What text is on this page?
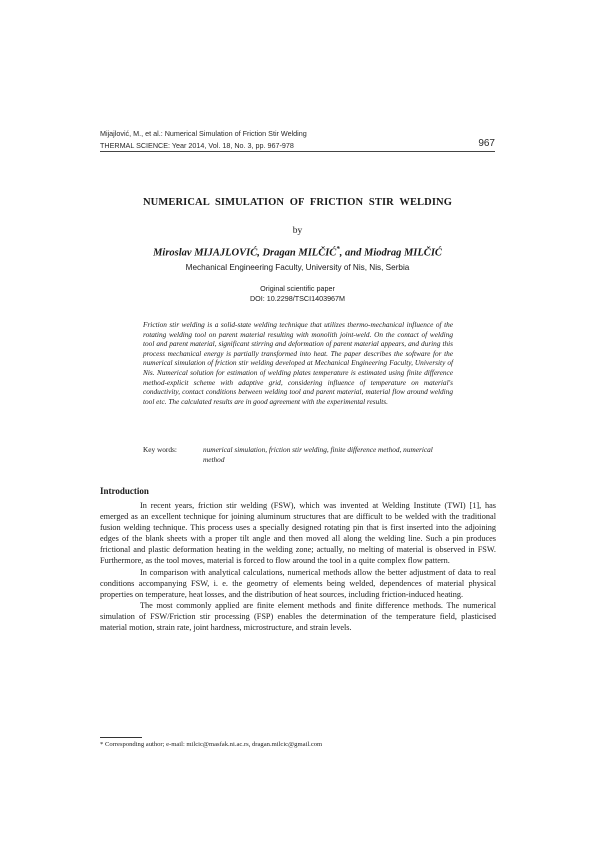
Mijajlović, M., et al.: Numerical Simulation of Friction Stir Welding
THERMAL SCIENCE: Year 2014, Vol. 18, No. 3, pp. 967-978	967
NUMERICAL SIMULATION OF FRICTION STIR WELDING
by
Miroslav MIJAJLOVIĆ, Dragan MILČIĆ*, and Miodrag MILČIĆ
Mechanical Engineering Faculty, University of Nis, Nis, Serbia
Original scientific paper
DOI: 10.2298/TSCI1403967M

Friction stir welding is a solid-state welding technique that utilizes thermo-mechanical influence of the rotating welding tool on parent material resulting with monolith joint-weld. On the contact of welding tool and parent material, significant stirring and deformation of parent material appears, and during this process mechanical energy is partially transformed into heat. The paper describes the software for the numerical simulation of friction stir welding developed at Mechanical Engineering Faculty, University of Nis. Numerical solution for estimation of welding plates temperature is estimated using finite difference method-explicit scheme with adaptive grid, considering influence of temperature on material's conductivity, contact conditions between welding tool and parent material, material flow around welding tool etc. The calculated results are in good agreement with the experimental results.

Key words:	numerical simulation, friction stir welding, finite difference method, numerical method
Introduction

In recent years, friction stir welding (FSW), which was invented at Welding Institute (TWI) [1], has emerged as an excellent technique for joining aluminum structures that are difficult to be welded with the traditional fusion welding technique. This process uses a specially designed rotating pin that is first inserted into the adjoining edges of the blank sheets with a proper tilt angle and then moved all along the welding line. Such a pin produces frictional and plastic deformation heating in the welding zone; actually, no melting of material is observed in FSW. Furthermore, as the tool moves, material is forced to flow around the tool in a quite complex flow pattern.

In comparison with analytical calculations, numerical methods allow the better adjustment of data to real conditions accompanying FSW, i. e. the geometry of elements being welded, dependences of material physical properties on temperature, heat losses, and the distribution of heat sources, including friction-induced heating.

The most commonly applied are finite element methods and finite difference methods. The numerical simulation of FSW/Friction stir processing (FSP) enables the determination of the temperature field, plasticised material motion, strain rate, joint hardness, microstructure, and strain levels.

* Corresponding author; e-mail: milcic@masfak.ni.ac.rs, dragan.milcic@gmail.com
